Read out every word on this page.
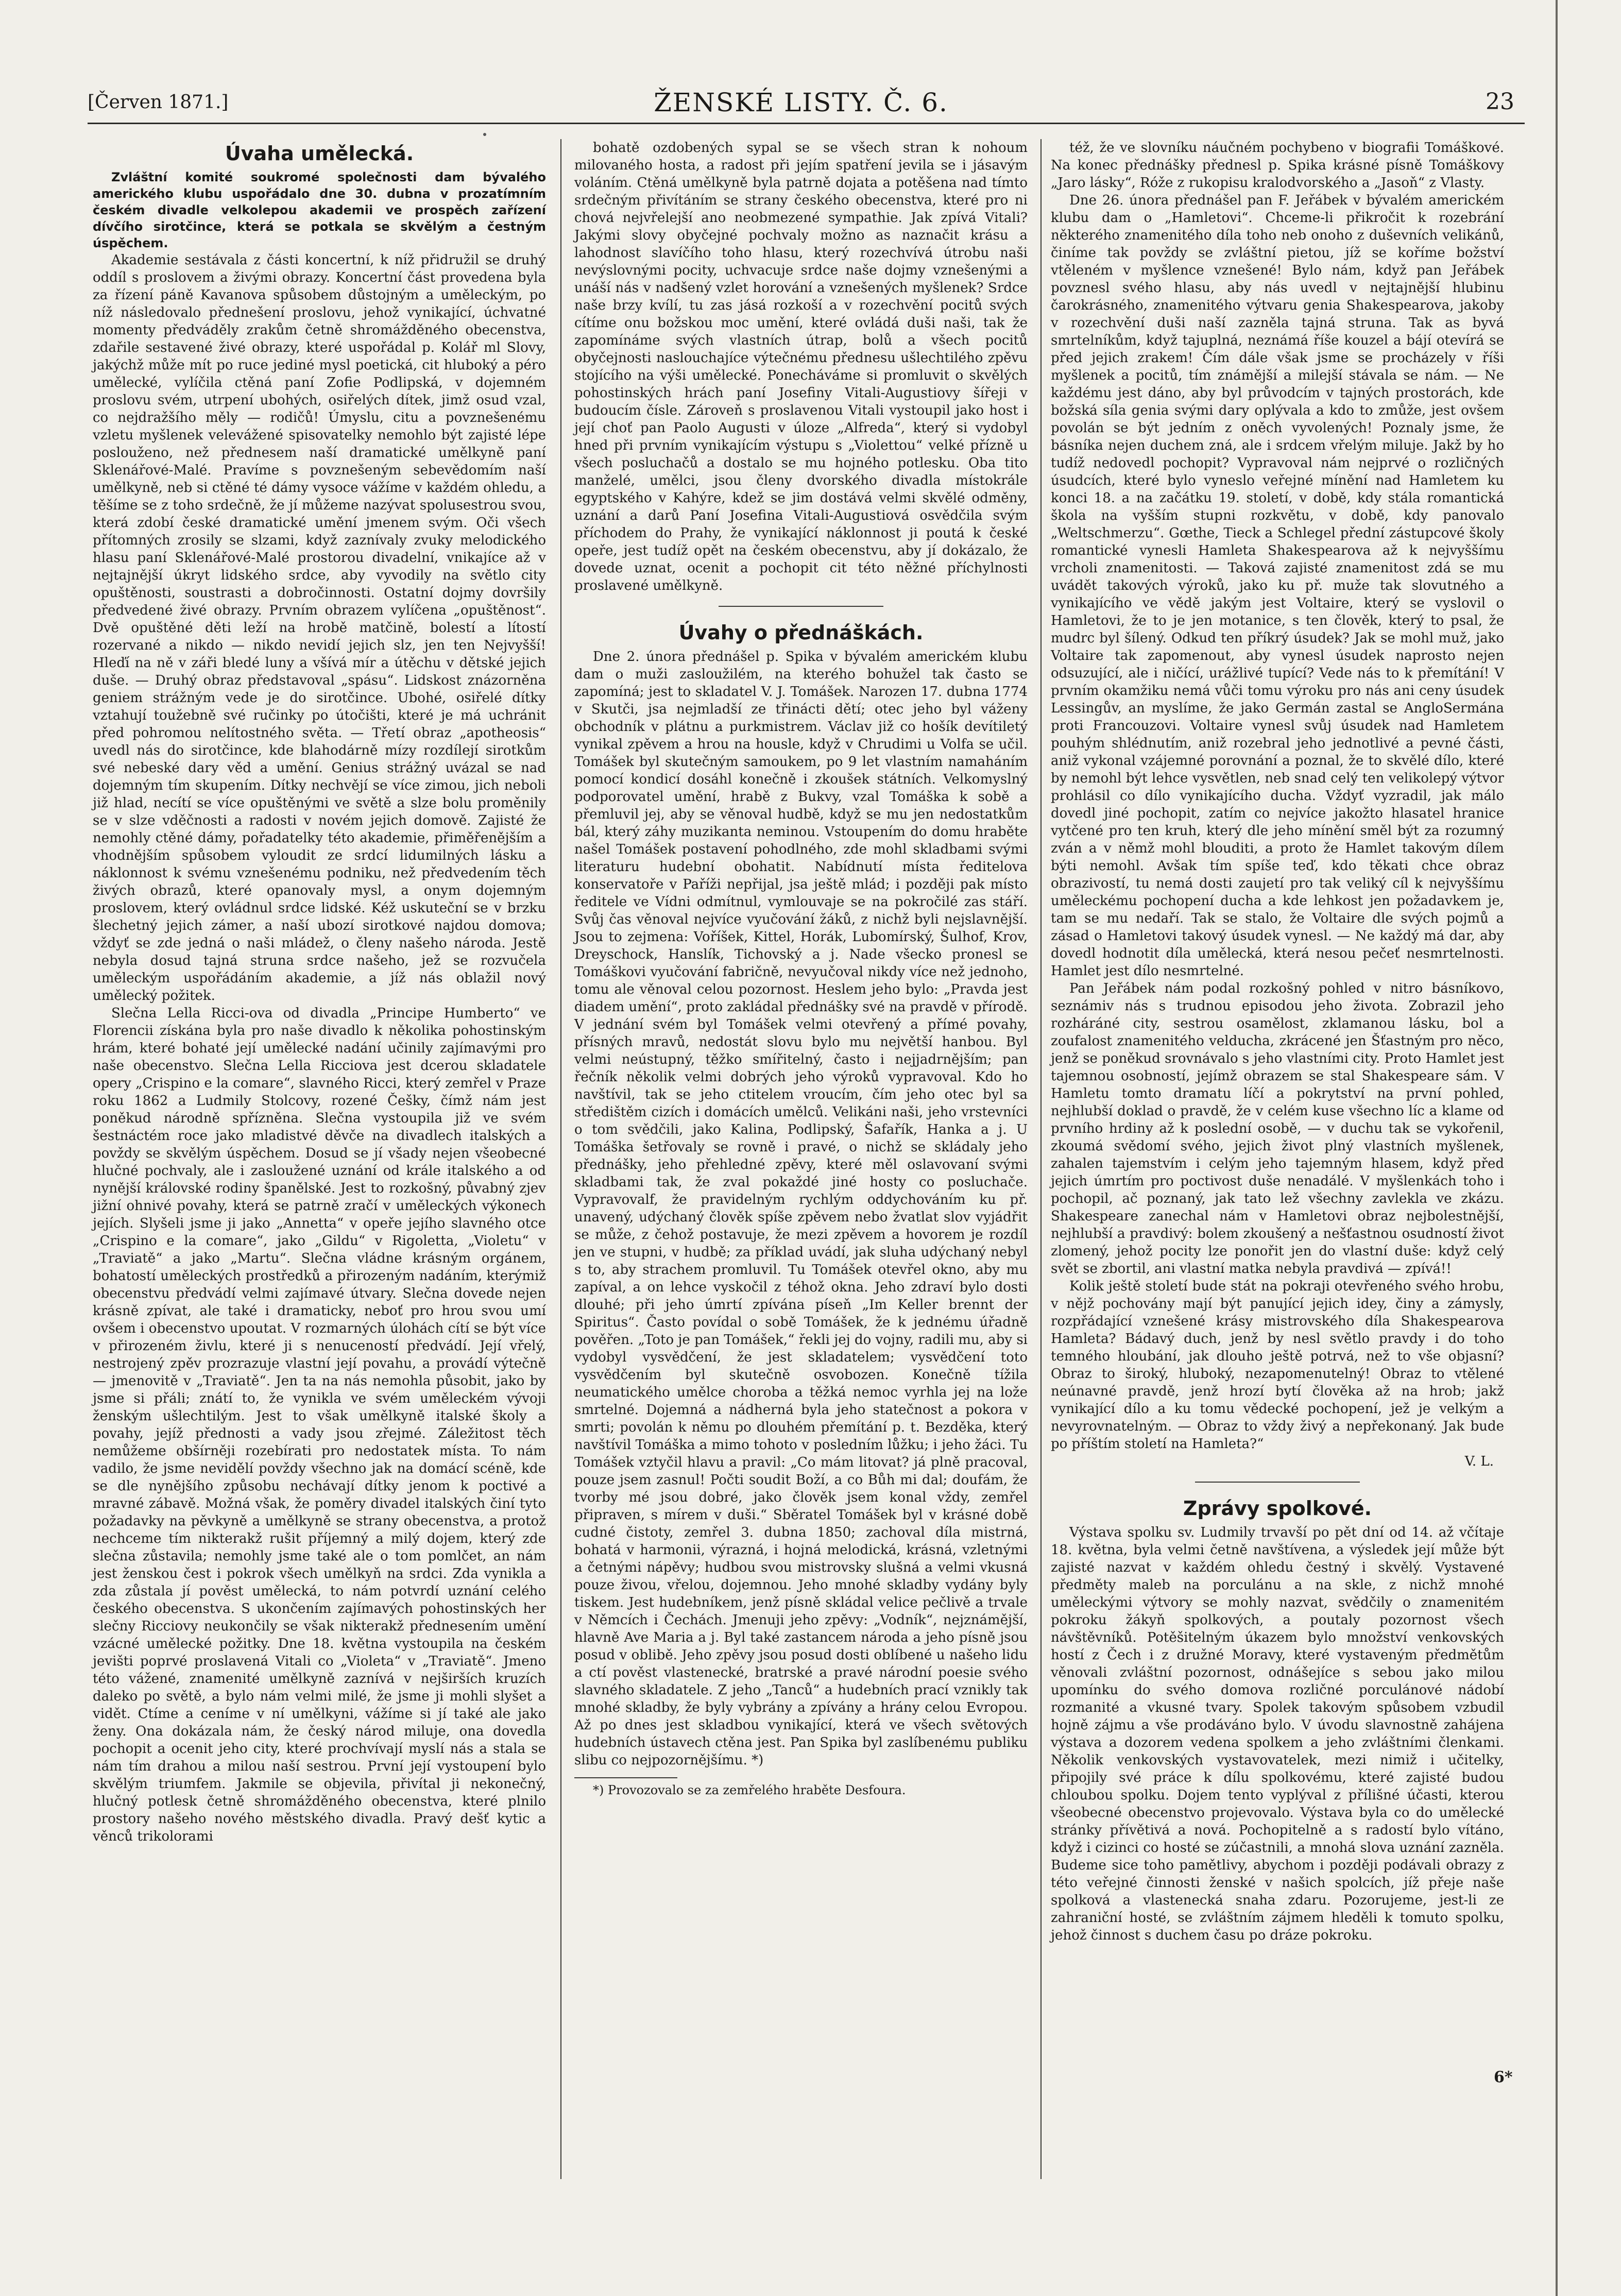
[Červen 1871.]	ŽENSKÉ LISTY. Č. 6.	23
Úvaha umělecká.

Zvláštní komité soukromé společnosti dam bývalého amerického klubu uspořádalo dne 30. dubna v prozatímním českém divadle velkolepou akademii ve prospěch zařízení dívčího sirotčince, která se potkala se skvělým a čestným úspěchem.

Akademie sestávala z části koncertní, k níž přidružil se druhý oddíl s proslovem a živými obrazy. Koncertní část provedena byla za řízení páně Kavanova spůsobem důstojným a uměleckým, po níž následovalo přednešení proslovu, jehož vynikající, úchvatné momenty předváděly zrakům četně shromážděného obecenstva, zdařile sestavené živé obrazy, které uspořádal p. Kolář ml Slovy, jakýchž může mít po ruce jediné mysl poetická, cit hluboký a péro umělecké, vylíčila ctěná paní Zofie Podlipská, v dojemném proslovu svém, utrpení ubohých, osiřelých dítek, jimž osud vzal, co nejdražšího měly — rodičů! Úmyslu, citu a povznešenému vzletu myšlenek velevážené spisovatelky nemohlo být zajisté lépe poslouženo, než přednesem naší dramatické umělkyně paní Sklenářové-Malé. Pravíme s povznešeným sebevědomím naší umělkyně, neb si ctěné té dámy vysoce vážíme v každém ohledu, a těšíme se z toho srdečně, že jí můžeme nazývat spolusestrou svou, která zdobí české dramatické umění jmenem svým. Oči všech přítomných zrosily se slzami, když zaznívaly zvuky melodického hlasu paní Sklenářové-Malé prostorou divadelní, vnikajíce až v nejtajnější úkryt lidského srdce, aby vyvodily na světlo city opuštěnosti, soustrasti a dobročinnosti. Ostatní dojmy dovršily předvedené živé obrazy. Prvním obrazem vylíčena „opuštěnost“. Dvě opuštěné děti leží na hrobě matčině, bolestí a lítostí rozervané a nikdo — nikdo nevidí jejich slz, jen ten Nejvyšší! Hleďí na ně v záři bledé luny a všívá mír a útěchu v dětské jejich duše. — Druhý obraz představoval „spásu“. Lidskost znázorněna geniem strážným vede je do sirotčince. Ubohé, osiřelé dítky vztahují toužebně své ručinky po útočišti, které je má uchránit před pohromou nelítostného světa. — Třetí obraz „apotheosis“ uvedl nás do sirotčince, kde blahodárně mízy rozdílejí sirotkům své nebeské dary věd a umění. Genius strážný uvázal se nad dojemným tím skupením. Dítky nechvějí se více zimou, jich neboli již hlad, necítí se více opuštěnými ve světě a slze bolu proměnily se v slze vděčnosti a radosti v novém jejich domově. Zajisté že nemohly ctěné dámy, pořadatelky této akademie, přiměřenějším a vhodnějším spůsobem vyloudit ze srdcí lidumilných lásku a náklonnost k svému vznešenému podniku, než předvedením těch živých obrazů, které opanovaly mysl, a onym dojemným proslovem, který ovládnul srdce lidské. Kéž uskuteční se v brzku šlechetný jejich zámer, a naší ubozí sirotkové najdou domova; vždyť se zde jedná o naši mládež, o členy našeho národa. Jestě nebyla dosud tajná struna srdce našeho, jež se rozvučela uměleckým uspořádáním akademie, a jíž nás oblažil nový umělecký požitek.

Slečna Lella Ricci-ova od divadla „Principe Humberto“ ve Florencii získána byla pro naše divadlo k několika pohostinským hrám, které bohaté její umělecké nadání učinily zajímavými pro naše obecenstvo. Slečna Lella Ricciova jest dcerou skladatele opery „Crispino e la comare“, slavného Ricci, který zemřel v Praze roku 1862 a Ludmily Stolcovy, rozené Češky, čímž nám jest poněkud národně spřízněna. Slečna vystoupila již ve svém šestnáctém roce jako mladistvé děvče na divadlech italských a povždy se skvělým úspěchem. Dosud se jí všady nejen všeobecné hlučné pochvaly, ale i zasloužené uznání od krále italského a od nynější královské rodiny španělské. Jest to rozkošný, půvabný zjev jižní ohnivé povahy, která se patrně zračí v uměleckých výkonech jejích. Slyšeli jsme ji jako „Annetta“ v opeře jejího slavného otce „Crispino e la comare“, jako „Gildu“ v Rigoletta, „Violetu“ v „Traviatě“ a jako „Martu“. Slečna vládne krásným orgánem, bohatostí uměleckých prostředků a přirozeným nadáním, kterýmiž obecenstvu předvádí velmi zajímavé útvary. Slečna dovede nejen krásně zpívat, ale také i dramaticky, neboť pro hrou svou umí ovšem i obecenstvo upoutat. V rozmarných úlohách cítí se být více v přirozeném živlu, které ji s nenuceností předvádí. Její vřelý, nestrojený zpěv prozrazuje vlastní její povahu, a provádí výtečně — jmenovitě v „Traviatě“. Jen ta na nás nemohla působit, jako by jsme si přáli; znátí to, že vynikla ve svém uměleckém vývoji ženským ušlechtilým. Jest to však umělkyně italské školy a povahy, jejíž přednosti a vady jsou zřejmé. Záležitost těch nemůžeme obšírněji rozebírati pro nedostatek místa. To nám vadilo, že jsme nevidělí povždy všechno jak na domácí scéně, kde se dle nynějšího způsobu nechávají dítky jenom k poctivé a mravné zábavě. Možná však, že poměry divadel italských činí tyto požadavky na pěvkyně a umělkyně se strany obecenstva, a protož nechceme tím nikterakž rušit příjemný a milý dojem, který zde slečna zůstavila; nemohly jsme také ale o tom pomlčet, an nám jest ženskou čest i pokrok všech umělkyň na srdci. Zda vynikla a zda zůstala jí pověst umělecká, to nám potvrdí uznání celého českého obecenstva. S ukončením zajímavých pohostinských her slečny Ricciovy neukončily se však nikterakž přednesením umění vzácné umělecké požitky. Dne 18. května vystoupila na českém jevišti poprvé proslavená Vitali co „Violeta“ v „Traviatě“. Jmeno této vážené, znamenité umělkyně zaznívá v nejširších kruzích daleko po světě, a bylo nám velmi milé, že jsme ji mohli slyšet a vidět. Ctíme a ceníme v ní umělkyni, vážíme si jí také ale jako ženy. Ona dokázala nám, že český národ miluje, ona dovedla pochopit a ocenit jeho city, které prochvívají myslí nás a stala se nám tím drahou a milou naší sestrou. První její vystoupení bylo skvělým triumfem. Jakmile se objevila, přivítal ji nekonečný, hlučný potlesk četně shromážděného obecenstva, které plnilo prostory našeho nového městského divadla. Pravý dešť kytic a věnců trikolorami

bohatě ozdobených sypal se se všech stran k nohoum milovaného hosta, a radost při jejím spatření jevila se i jásavým voláním. Ctěná umělkyně byla patrně dojata a potěšena nad tímto srdečným přivítáním se strany českého obecenstva, které pro ni chová nejvřelejší ano neobmezené sympathie. Jak zpívá Vitali? Jakými slovy obyčejné pochvaly možno as naznačit krásu a lahodnost slavíčího toho hlasu, který rozechvívá útrobu naši nevýslovnými pocity, uchvacuje srdce naše dojmy vznešenými a unáší nás v nadšený vzlet horování a vznešených myšlenek? Srdce naše brzy kvílí, tu zas jásá rozkoší a v rozechvění pocitů svých cítíme onu božskou moc umění, které ovládá duši naši, tak že zapomínáme svých vlastních útrap, bolů a všech pocitů obyčejnosti naslouchajíce výtečnému přednesu ušlechtilého zpěvu stojícího na výši umělecké. Ponecháváme si promluvit o skvělých pohostinských hrách paní Josefiny Vitali-Augustiovy šířeji v budoucím čísle. Zároveň s proslavenou Vitali vystoupil jako host i její choť pan Paolo Augusti v úloze „Alfreda“, který si vydobyl hned při prvním vynikajícím výstupu s „Violettou“ velké přízně u všech posluchačů a dostalo se mu hojného potlesku. Oba tito manželé, umělci, jsou členy dvorského divadla místokrále egyptského v Kahýre, kdež se jim dostává velmi skvělé odměny, uznání a darů Paní Josefina Vitali-Augustiová osvědčila svým příchodem do Prahy, že vynikající náklonnost ji poutá k české opeře, jest tudíž opět na českém obecenstvu, aby jí dokázalo, že dovede uznat, ocenit a pochopit cit této něžné příchylnosti proslavené umělkyně.

Úvahy o přednáškách.

Dne 2. února přednášel p. Spika v bývalém americkém klubu dam o muži zasloužilém, na kterého bohužel tak často se zapomíná; jest to skladatel V. J. Tomášek. Narozen 17. dubna 1774 v Skutči, jsa nejmladší ze třinácti dětí; otec jeho byl váženy obchodník v plátnu a purkmistrem. Václav již co hošík devítiletý vynikal zpěvem a hrou na housle, když v Chrudimi u Volfa se učil. Tomášek byl skutečným samoukem, po 9 let vlastním namaháním pomocí kondicí dosáhl konečně i zkoušek státních. Velkomyslný podporovatel umění, hrabě z Bukvy, vzal Tomáška k sobě a přemluvil jej, aby se věnoval hudbě, když se mu jen nedostatkům bál, který záhy muzikanta neminou. Vstoupením do domu hraběte našel Tomášek postavení pohodlného, zde mohl skladbami svými literaturu hudební obohatit. Nabídnutí místa ředitelova konservatoře v Paříži nepřijal, jsa ještě mlád; i později pak místo ředitele ve Vídni odmítnul, vymlouvaje se na pokročilé zas stáří. Svůj čas věnoval nejvíce vyučování žáků, z nichž byli nejslavnější. Jsou to zejmena: Voříšek, Kittel, Horák, Lubomírský, Šulhof, Krov, Dreyschock, Hanslík, Tichovský a j. Nade všecko pronesl se Tomáškovi vyučování fabričně, nevyučoval nikdy více než jednoho, tomu ale věnoval celou pozornost. Heslem jeho bylo: „Pravda jest diadem umění“, proto zakládal přednášky své na pravdě v přírodě. V jednání svém byl Tomášek velmi otevřený a přímé povahy, přísných mravů, nedostát slovu bylo mu největší hanbou. Byl velmi neústupný, těžko smířitelný, často i nejjadrnějším; pan řečník několik velmi dobrých jeho výroků vypravoval. Kdo ho navštívil, tak se jeho ctitelem vroucím, čím jeho otec byl sa středištěm cizích i domácích umělců. Velikáni naši, jeho vrstevníci o tom svědčili, jako Kalina, Podlipský, Šafařík, Hanka a j. U Tomáška šetřovaly se rovně i pravé, o nichž se skládaly jeho přednášky, jeho přehledné zpěvy, které měl oslavovaní svými skladbami tak, že zval pokaždé jiné hosty co posluchače. Vypravovalf, že pravidelným rychlým oddychováním ku př. unavený, udýchaný člověk spíše zpěvem nebo žvatlat slov vyjádřit se může, z čehož postavuje, že mezi zpěvem a hovorem je rozdíl jen ve stupni, v hudbě; za příklad uvádí, jak sluha udýchaný nebyl s to, aby strachem promluvil. Tu Tomášek otevřel okno, aby mu zapíval, a on lehce vyskočil z téhož okna. Jeho zdraví bylo dosti dlouhé; při jeho úmrtí zpívána píseň „Im Keller brennt der Spiritus“. Často povídal o sobě Tomášek, že k jednému úřadně pověřen. „Toto je pan Tomášek,“ řekli jej do vojny, radili mu, aby si vydobyl vysvědčení, že jest skladatelem; vysvědčení toto vysvědčením byl skutečně osvobozen. Konečně tížila neumatického umělce choroba a těžká nemoc vyrhla jej na lože smrtelné. Dojemná a nádherná byla jeho statečnost a pokora v smrti; povolán k němu po dlouhém přemítání p. t. Bezděka, který navštívil Tomáška a mimo tohoto v posledním lůžku; i jeho žáci. Tu Tomášek vztyčil hlavu a pravil: „Co mám litovat? já plně pracoval, pouze jsem zasnul! Počti soudit Boží, a co Bůh mi dal; doufám, že tvorby mé jsou dobré, jako člověk jsem konal vždy, zemřel připraven, s mírem v duši.“ Sběratel Tomášek byl v krásné době cudné čistoty, zemřel 3. dubna 1850; zachoval díla mistrná, bohatá v harmonii, výrazná, i hojná melodická, krásná, vzletnými a četnými nápěvy; hudbou svou mistrovsky slušná a velmi vkusná pouze živou, vřelou, dojemnou. Jeho mnohé skladby vydány byly tiskem. Jest hudebníkem, jenž písně skládal velice pečlivě a trvale v Němcích i Čechách. Jmenuji jeho zpěvy: „Vodník“, nejznámější, hlavně Ave Maria a j. Byl také zastancem národa a jeho písně jsou posud v oblibě. Jeho zpěvy jsou posud dosti oblíbené u našeho lidu a ctí pověst vlastenecké, bratrské a pravé národní poesie svého slavného skladatele. Z jeho „Tanců“ a hudebních prací vznikly tak mnohé skladby, že byly vybrány a zpívány a hrány celou Evropou. Až po dnes jest skladbou vynikající, která ve všech světových hudebních ústavech ctěna jest. Pan Spika byl zaslíbenému publiku slibu co nejpozornějšímu. *)

*) Provozovalo se za zemřelého hraběte Desfoura.

též, že ve slovníku náučném pochybeno v biografii Tomáškové. Na konec přednášky přednesl p. Spika krásné písně Tomáškovy „Jaro lásky“, Róže z rukopisu kralodvorského a „Jasoň“ z Vlasty.

Dne 26. února přednášel pan F. Jeřábek v bývalém americkém klubu dam o „Hamletovi“. Chceme-li přikročit k rozebrání některého znamenitého díla toho neb onoho z duševních velikánů, činíme tak povždy se zvláštní pietou, jíž se koříme božství vtěleném v myšlence vznešené! Bylo nám, když pan Jeřábek povznesl svého hlasu, aby nás uvedl v nejtajnější hlubinu čarokrásného, znamenitého výtvaru genia Shakespearova, jakoby v rozechvění duši naší zazněla tajná struna. Tak as byvá smrtelníkům, když tajuplná, neznámá říše kouzel a bájí otevírá se před jejich zrakem! Čím dále však jsme se procházely v říši myšlenek a pocitů, tím známější a milejší stávala se nám. — Ne každému jest dáno, aby byl průvodcím v tajných prostorách, kde božská síla genia svými dary oplývala a kdo to zmůže, jest ovšem povolán se být jedním z oněch vyvolených! Poznaly jsme, že básníka nejen duchem zná, ale i srdcem vřelým miluje. Jakž by ho tudíž nedovedl pochopit? Vypravoval nám nejprvé o rozličných úsudcích, které bylo vyneslo veřejné mínění nad Hamletem ku konci 18. a na začátku 19. století, v době, kdy stála romantická škola na vyšším stupni rozkvětu, v době, kdy panovalo „Weltschmerzu“. Gœthe, Tieck a Schlegel přední zástupcové školy romantické vynesli Hamleta Shakespearova až k nejvyššímu vrcholi znamenitosti. — Taková zajisté znamenitost zdá se mu uvádět takových výroků, jako ku př. muže tak slovutného a vynikajícího ve vědě jakým jest Voltaire, který se vyslovil o Hamletovi, že to je jen motanice, s ten člověk, který to psal, že mudrc byl šílený. Odkud ten příkrý úsudek? Jak se mohl muž, jako Voltaire tak zapomenout, aby vynesl úsudek naprosto nejen odsuzující, ale i ničící, urážlivé tupící? Vede nás to k přemítání! V prvním okamžiku nemá vůči tomu výroku pro nás ani ceny úsudek Lessingův, an myslíme, že jako Germán zastal se AngloSermána proti Francouzovi. Voltaire vynesl svůj úsudek nad Hamletem pouhým shlédnutím, aniž rozebral jeho jednotlivé a pevné části, aniž vykonal vzájemné porovnání a poznal, že to skvělé dílo, které by nemohl být lehce vysvětlen, neb snad celý ten velikolepý výtvor prohlásil co dílo vynikajícího ducha. Vždyť vyzradil, jak málo dovedl jiné pochopit, zatím co nejvíce jakožto hlasatel hranice vytčené pro ten kruh, který dle jeho mínění směl být za rozumný zván a v němž mohl blouditi, a proto že Hamlet takovým dílem býti nemohl. Avšak tím spíše teď, kdo těkati chce obraz obrazivostí, tu nemá dosti zaujetí pro tak veliký cíl k nejvyššímu uměleckému pochopení ducha a kde lehkost jen požadavkem je, tam se mu nedaří. Tak se stalo, že Voltaire dle svých pojmů a zásad o Hamletovi takový úsudek vynesl. — Ne každý má dar, aby dovedl hodnotit díla umělecká, která nesou pečeť nesmrtelnosti. Hamlet jest dílo nesmrtelné.

Pan Jeřábek nám podal rozkošný pohled v nitro básníkovo, seznámiv nás s trudnou episodou jeho života. Zobrazil jeho rozháráné city, sestrou osamělost, zklamanou lásku, bol a zoufalost znamenitého velducha, zkrácené jen Šťastným pro něco, jenž se poněkud srovnávalo s jeho vlastními city. Proto Hamlet jest tajemnou osobností, jejímž obrazem se stal Shakespeare sám. V Hamletu tomto dramatu líčí a pokrytství na první pohled, nejhlubší doklad o pravdě, že v celém kuse všechno líc a klame od prvního hrdiny až k poslední osobě, — v duchu tak se vykořenil, zkoumá svědomí svého, jejich život plný vlastních myšlenek, zahalen tajemstvím i celým jeho tajemným hlasem, když před jejich úmrtím pro poctivost duše nenadálé. V myšlenkách toho i pochopil, ač poznaný, jak tato lež všechny zavlekla ve zkázu. Shakespeare zanechal nám v Hamletovi obraz nejbolestnější, nejhlubší a pravdivý: bolem zkoušený a nešťastnou osudností život zlomený, jehož pocity lze ponořit jen do vlastní duše: když celý svět se zbortil, ani vlastní matka nebyla pravdivá — zpívá!!

Kolik ještě století bude stát na pokraji otevřeného svého hrobu, v nějž pochovány mají být panující jejich idey, činy a zámysly, rozpřádající vznešené krásy mistrovského díla Shakespearova Hamleta? Bádavý duch, jenž by nesl světlo pravdy i do toho temného hloubání, jak dlouho ještě potrvá, než to vše objasní? Obraz to široký, hluboký, nezapomenutelný! Obraz to vtělené neúnavné pravdě, jenž hrozí bytí člověka až na hrob; jakž vynikající dílo a ku tomu vědecké pochopení, jež je velkým a nevyrovnatelným. — Obraz to vždy živý a nepřekonaný. Jak bude po příštím století na Hamleta?“

V. L.
Zprávy spolkové.

Výstava spolku sv. Ludmily trvavší po pět dní od 14. až včítaje 18. května, byla velmi četně navštívena, a výsledek její může být zajisté nazvat v každém ohledu čestný i skvělý. Vystavené předměty maleb na porculánu a na skle, z nichž mnohé uměleckými výtvory se mohly nazvat, svědčily o znamenitém pokroku žákyň spolkových, a poutaly pozornost všech návštěvníků. Potěšitelným úkazem bylo množství venkovských hostí z Čech i z družné Moravy, které vystaveným předmětům věnovali zvláštní pozornost, odnášejíce s sebou jako milou upomínku do svého domova rozličné porculánové nádobí rozmanité a vkusné tvary. Spolek takovým spůsobem vzbudil hojně zájmu a vše prodáváno bylo. V úvodu slavnostně zahájena výstava a dozorem vedena spolkem a jeho zvláštními členkami. Několik venkovských vystavovatelek, mezi nimiž i učitelky, připojily své práce k dílu spolkovému, které zajisté budou chloubou spolku. Dojem tento vyplýval z přílišné účasti, kterou všeobecné obecenstvo projevovalo. Výstava byla co do umělecké stránky přívětivá a nová. Pochopitelně a s radostí bylo vítáno, když i cizinci co hosté se zúčastnili, a mnohá slova uznání zazněla. Budeme sice toho pamětlivy, abychom i později podávali obrazy z této veřejné činnosti ženské v našich spolcích, jíž přeje naše spolková a vlastenecká snaha zdaru. Pozorujeme, jest-li ze zahraniční hosté, se zvláštním zájmem hleděli k tomuto spolku, jehož činnost s duchem času po dráze pokroku.

6*
